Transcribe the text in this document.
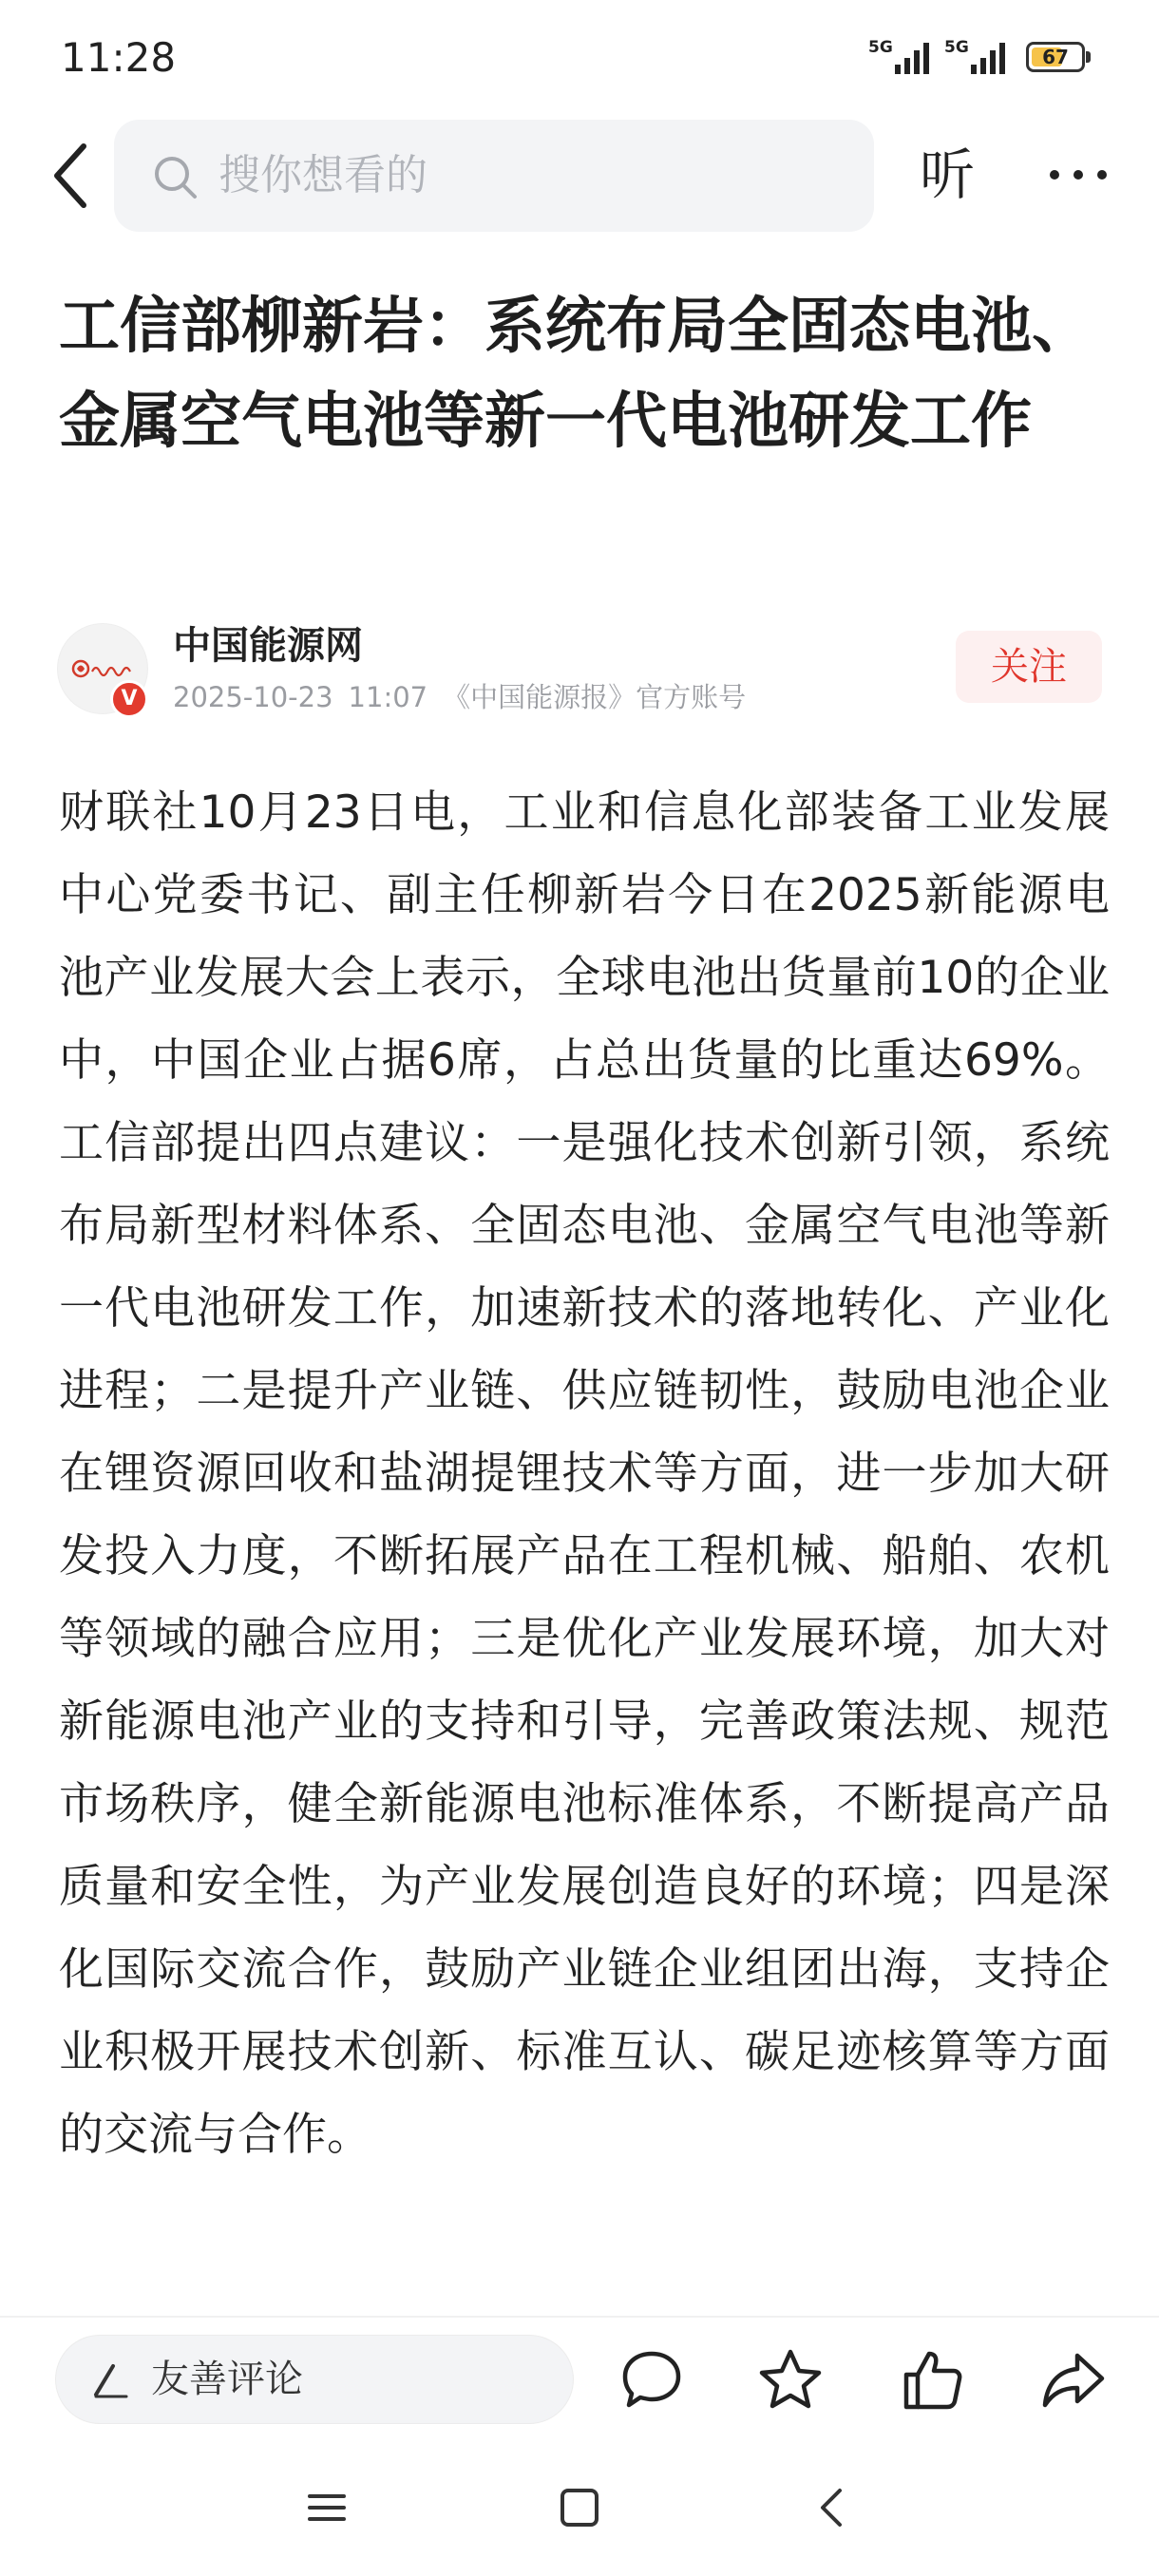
11:28	5G	5G	67
搜你想看的	听
工信部柳新岩：系统布局全固态电池、金属空气电池等新一代电池研发工作
V
中国能源网
2025-10-23 11:07 《中国能源报》官方账号
关注

财联社10月23日电，工业和信息化部装备工业发展中心党委书记、副主任柳新岩今日在2025新能源电池产业发展大会上表示，全球电池出货量前10的企业中，中国企业占据6席，占总出货量的比重达69%。工信部提出四点建议：一是强化技术创新引领，系统布局新型材料体系、全固态电池、金属空气电池等新一代电池研发工作，加速新技术的落地转化、产业化进程；二是提升产业链、供应链韧性，鼓励电池企业在锂资源回收和盐湖提锂技术等方面，进一步加大研发投入力度，不断拓展产品在工程机械、船舶、农机等领域的融合应用；三是优化产业发展环境，加大对新能源电池产业的支持和引导，完善政策法规、规范市场秩序，健全新能源电池标准体系，不断提高产品质量和安全性，为产业发展创造良好的环境；四是深化国际交流合作，鼓励产业链企业组团出海，支持企业积极开展技术创新、标准互认、碳足迹核算等方面的交流与合作。

友善评论
